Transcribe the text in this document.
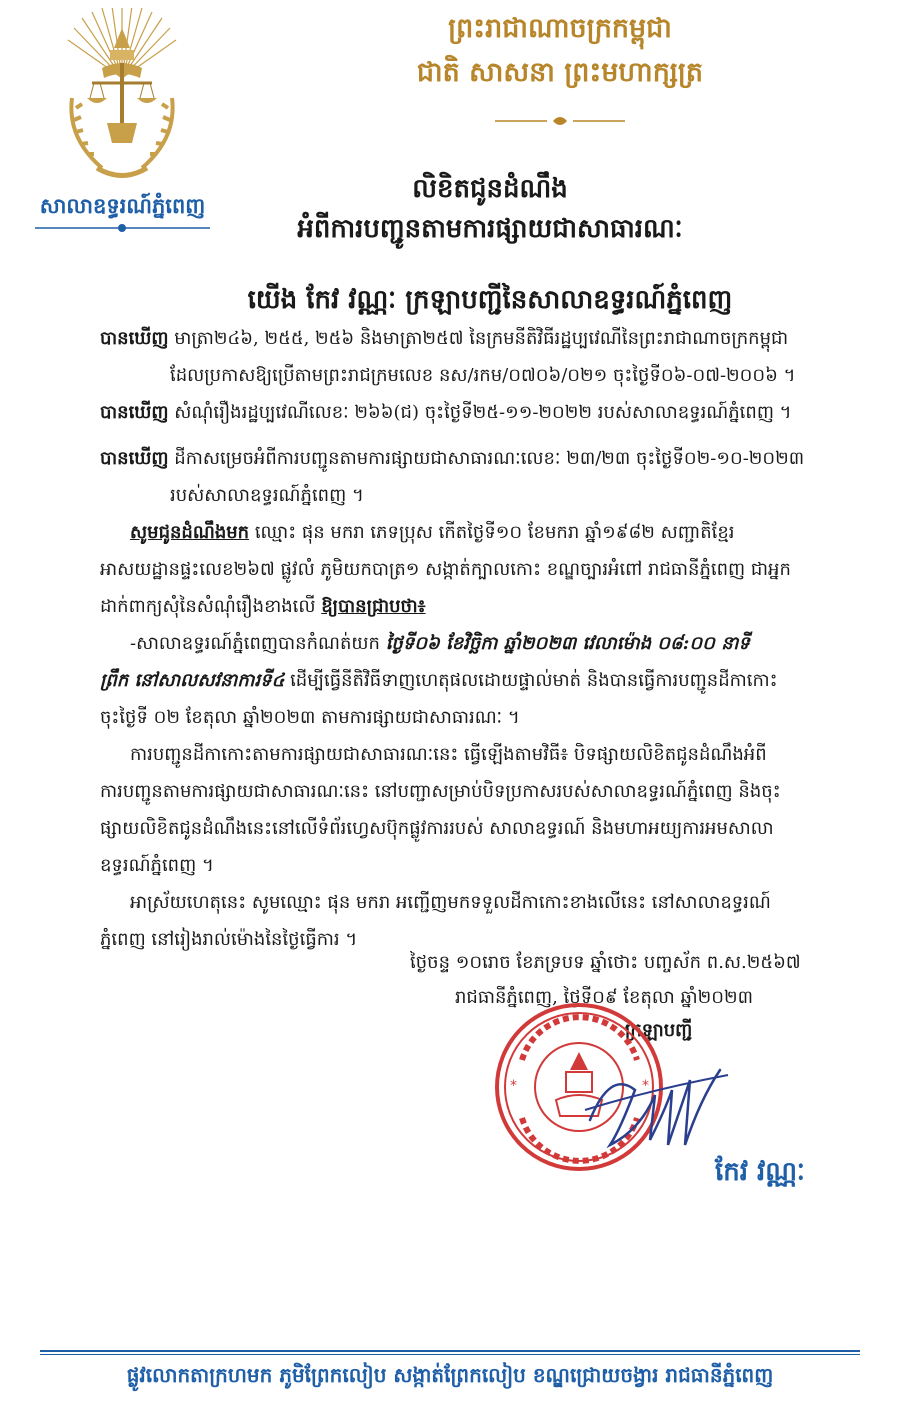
សាលាឧទ្ធរណ៍ភ្នំពេញ
ព្រះរាជាណាចក្រកម្ពុជា
ជាតិ សាសនា ព្រះមហាក្សត្រ
លិខិតជូនដំណឹង
អំពីការបញ្ជូនតាមការផ្សាយជាសាធារណៈ
យើង កែវ វណ្ណៈ ក្រឡាបញ្ជីនៃសាលាឧទ្ធរណ៍ភ្នំពេញ
បានឃើញ មាត្រា២៤៦, ២៥៥, ២៥៦ និងមាត្រា២៥៧ នៃក្រមនីតិវិធីរដ្ឋប្បវេណីនៃព្រះរាជាណាចក្រកម្ពុជា
ដែលប្រកាសឱ្យប្រើតាមព្រះរាជក្រមលេខ នស/រកម/០៧០៦/០២១ ចុះថ្ងៃទី០៦-០៧-២០០៦ ។
បានឃើញ សំណុំរឿងរដ្ឋប្បវេណីលេខៈ ២៦៦(ជ) ចុះថ្ងៃទី២៥-១១-២០២២ របស់សាលាឧទ្ធរណ៍ភ្នំពេញ ។
បានឃើញ ដីកាសម្រេចអំពីការបញ្ជូនតាមការផ្សាយជាសាធារណៈលេខៈ ២៣/២៣ ចុះថ្ងៃទី០២-១០-២០២៣
របស់សាលាឧទ្ធរណ៍ភ្នំពេញ ។
សូមជូនដំណឹងមក ឈ្មោះ ផុន មករា ភេទប្រុស កើតថ្ងៃទី១០ ខែមករា ឆ្នាំ១៩៨២ សញ្ជាតិខ្មែរ
អាសយដ្ឋានផ្ទះលេខ២៦៧ ផ្លូវលំ ភូមិយកបាត្រ១ សង្កាត់ក្បាលកោះ ខណ្ឌច្បារអំពៅ រាជធានីភ្នំពេញ ជាអ្នក
ដាក់ពាក្យសុំនៃសំណុំរឿងខាងលើ ឱ្យបានជ្រាបថា៖
-សាលាឧទ្ធរណ៍ភ្នំពេញបានកំណត់យក ថ្ងៃទី០៦ ខែវិច្ឆិកា ឆ្នាំ២០២៣ វេលាម៉ោង ០៨:០០ នាទី
ព្រឹក នៅសាលសវនាការទី៤ ដើម្បីធ្វើនីតិវិធីទាញហេតុផលដោយផ្ទាល់មាត់ និងបានធ្វើការបញ្ជូនដីកាកោះ
ចុះថ្ងៃទី ០២ ខែតុលា ឆ្នាំ២០២៣ តាមការផ្សាយជាសាធារណៈ ។
ការបញ្ជូនដីកាកោះតាមការផ្សាយជាសាធារណៈនេះ ធ្វើឡើងតាមវិធី៖ បិទផ្សាយលិខិតជូនដំណឹងអំពី
ការបញ្ជូនតាមការផ្សាយជាសាធារណៈនេះ នៅបញ្ជាសម្រាប់បិទប្រកាសរបស់សាលាឧទ្ធរណ៍ភ្នំពេញ និងចុះ
ផ្សាយលិខិតជូនដំណឹងនេះនៅលើទំព័រហ្វេសប៊ុកផ្លូវការរបស់ សាលាឧទ្ធរណ៍ និងមហាអយ្យការអមសាលា
ឧទ្ធរណ៍ភ្នំពេញ ។
អាស្រ័យហេតុនេះ សូមឈ្មោះ ផុន មករា អញ្ជើញមកទទួលដីកាកោះខាងលើនេះ នៅសាលាឧទ្ធរណ៍
ភ្នំពេញ នៅរៀងរាល់ម៉ោងនៃថ្ងៃធ្វើការ ។
ថ្ងៃចន្ទ ១០រោច ខែភទ្របទ ឆ្នាំថោះ បញ្ចស័ក ព.ស.២៥៦៧
រាជធានីភ្នំពេញ, ថ្ងៃទី០៩ ខែតុលា ឆ្នាំ២០២៣
ក្រឡាបញ្ជី
*	*
កែវ វណ្ណៈ
ផ្លូវលោកតាក្រហមក ភូមិព្រែកលៀប សង្កាត់ព្រែកលៀប ខណ្ឌជ្រោយចង្វារ រាជធានីភ្នំពេញ
